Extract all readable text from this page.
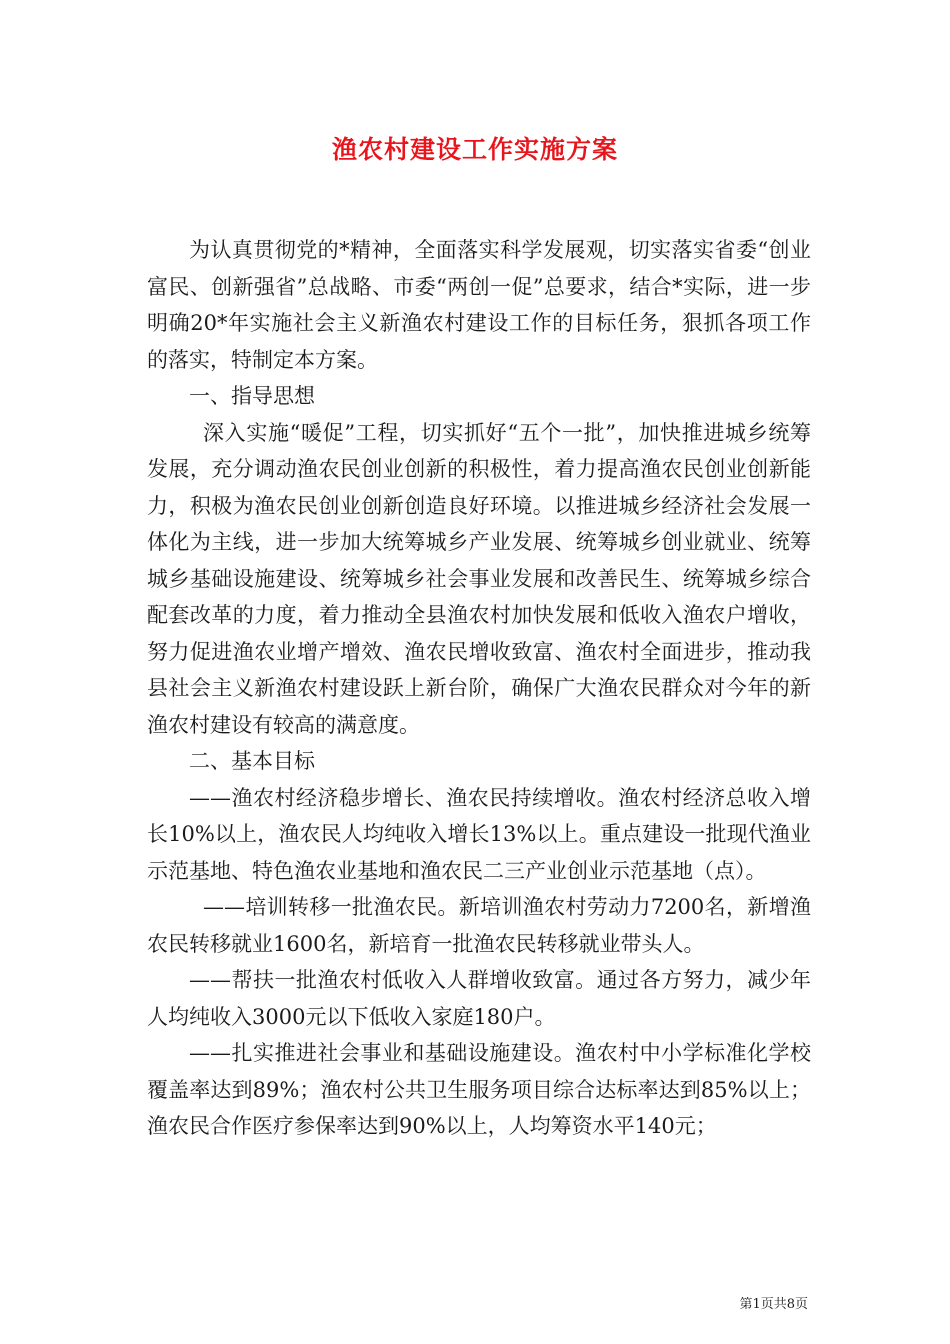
渔农村建设工作实施方案

为认真贯彻党的*精神，全面落实科学发展观，切实落实省委“创业富民、创新强省”总战略、市委“两创一促”总要求，结合*实际，进一步明确20*年实施社会主义新渔农村建设工作的目标任务，狠抓各项工作的落实，特制定本方案。

一、指导思想

深入实施“暖促”工程，切实抓好“五个一批”，加快推进城乡统筹发展，充分调动渔农民创业创新的积极性，着力提高渔农民创业创新能力，积极为渔农民创业创新创造良好环境。以推进城乡经济社会发展一体化为主线，进一步加大统筹城乡产业发展、统筹城乡创业就业、统筹城乡基础设施建设、统筹城乡社会事业发展和改善民生、统筹城乡综合配套改革的力度，着力推动全县渔农村加快发展和低收入渔农户增收，努力促进渔农业增产增效、渔农民增收致富、渔农村全面进步，推动我县社会主义新渔农村建设跃上新台阶，确保广大渔农民群众对今年的新渔农村建设有较高的满意度。

二、基本目标

——渔农村经济稳步增长、渔农民持续增收。渔农村经济总收入增长10%以上，渔农民人均纯收入增长13%以上。重点建设一批现代渔业示范基地、特色渔农业基地和渔农民二三产业创业示范基地（点）。

——培训转移一批渔农民。新培训渔农村劳动力7200名，新增渔农民转移就业1600名，新培育一批渔农民转移就业带头人。

——帮扶一批渔农村低收入人群增收致富。通过各方努力，减少年人均纯收入3000元以下低收入家庭180户。

——扎实推进社会事业和基础设施建设。渔农村中小学标准化学校覆盖率达到89%；渔农村公共卫生服务项目综合达标率达到85%以上；渔农民合作医疗参保率达到90%以上，人均筹资水平140元；

第1页共8页
